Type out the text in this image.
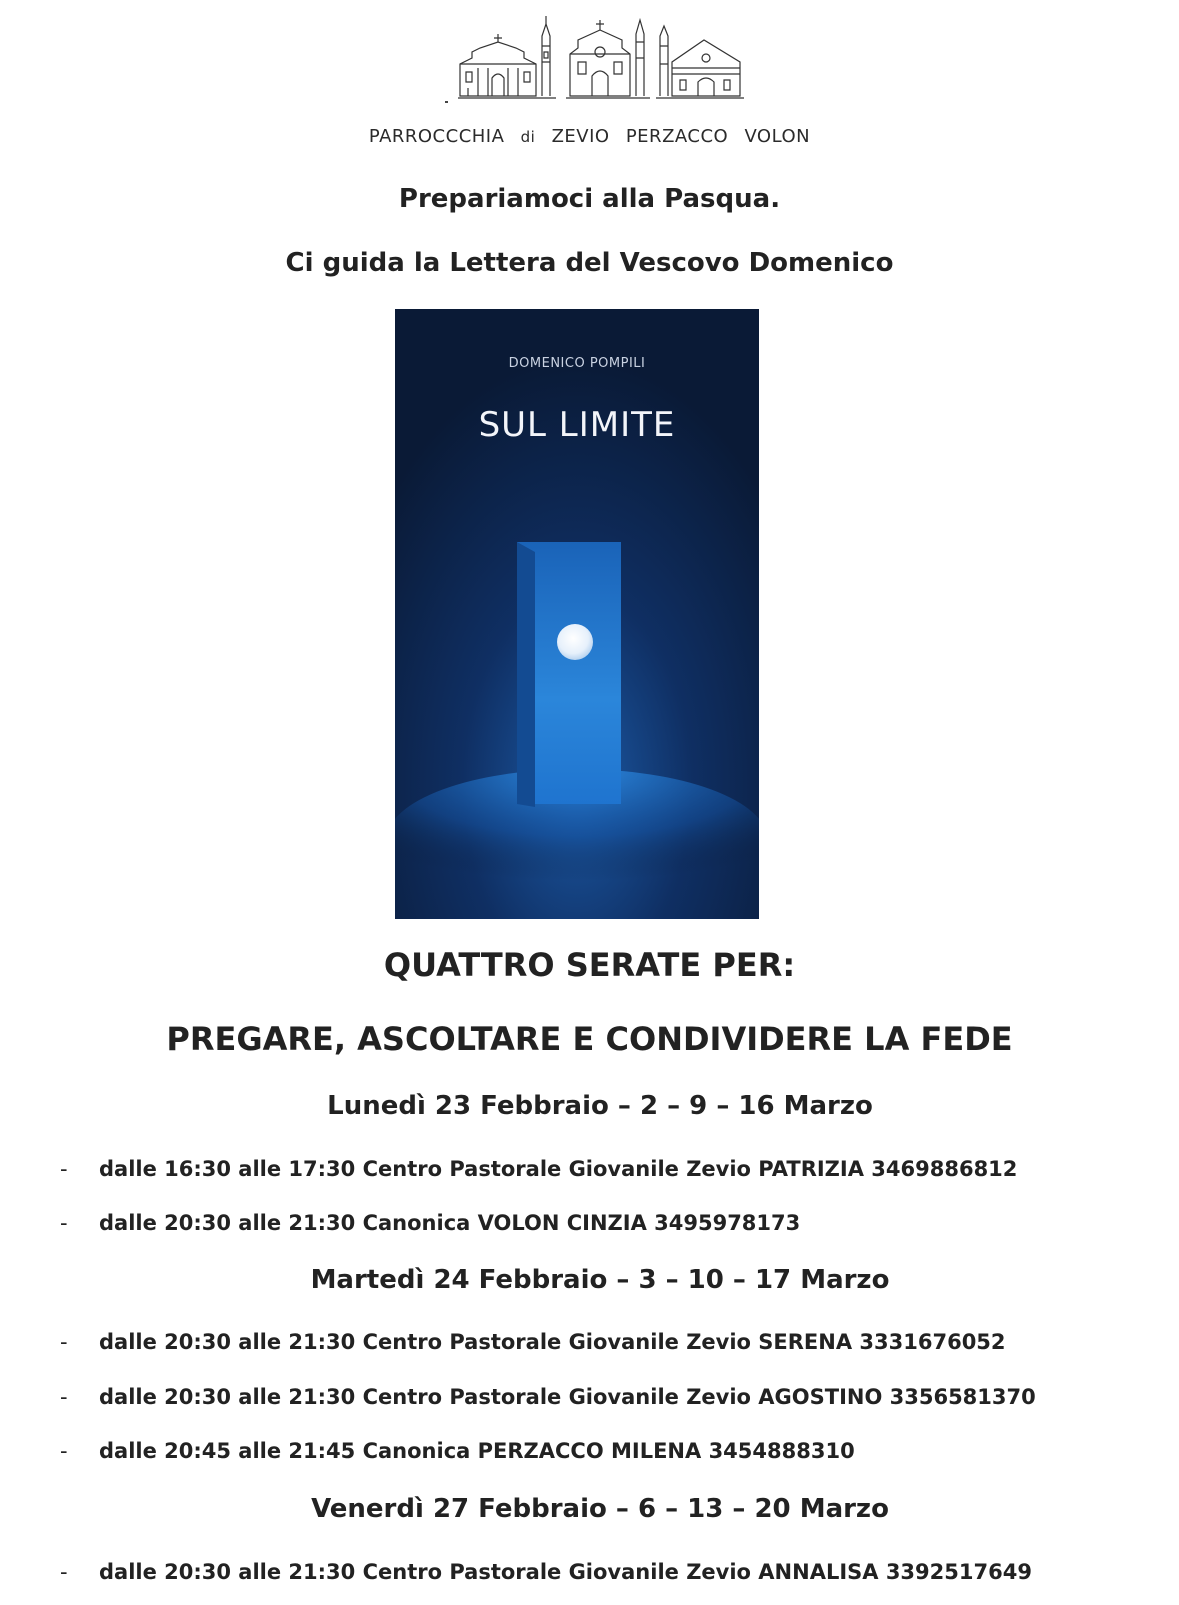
PARROCCCHIA di ZEVIO PERZACCO VOLON
Prepariamoci alla Pasqua.
Ci guida la Lettera del Vescovo Domenico
DOMENICO POMPILI
SUL LIMITE
QUATTRO SERATE PER:
PREGARE, ASCOLTARE E CONDIVIDERE LA FEDE
Lunedì 23 Febbraio – 2 – 9 – 16 Marzo
- dalle 16:30 alle 17:30 Centro Pastorale Giovanile Zevio PATRIZIA 3469886812
- dalle 20:30 alle 21:30 Canonica VOLON CINZIA 3495978173
Martedì 24 Febbraio – 3 – 10 – 17 Marzo
- dalle 20:30 alle 21:30 Centro Pastorale Giovanile Zevio SERENA 3331676052
- dalle 20:30 alle 21:30 Centro Pastorale Giovanile Zevio AGOSTINO 3356581370
- dalle 20:45 alle 21:45 Canonica PERZACCO MILENA 3454888310
Venerdì 27 Febbraio – 6 – 13 – 20 Marzo
- dalle 20:30 alle 21:30 Centro Pastorale Giovanile Zevio ANNALISA 3392517649
